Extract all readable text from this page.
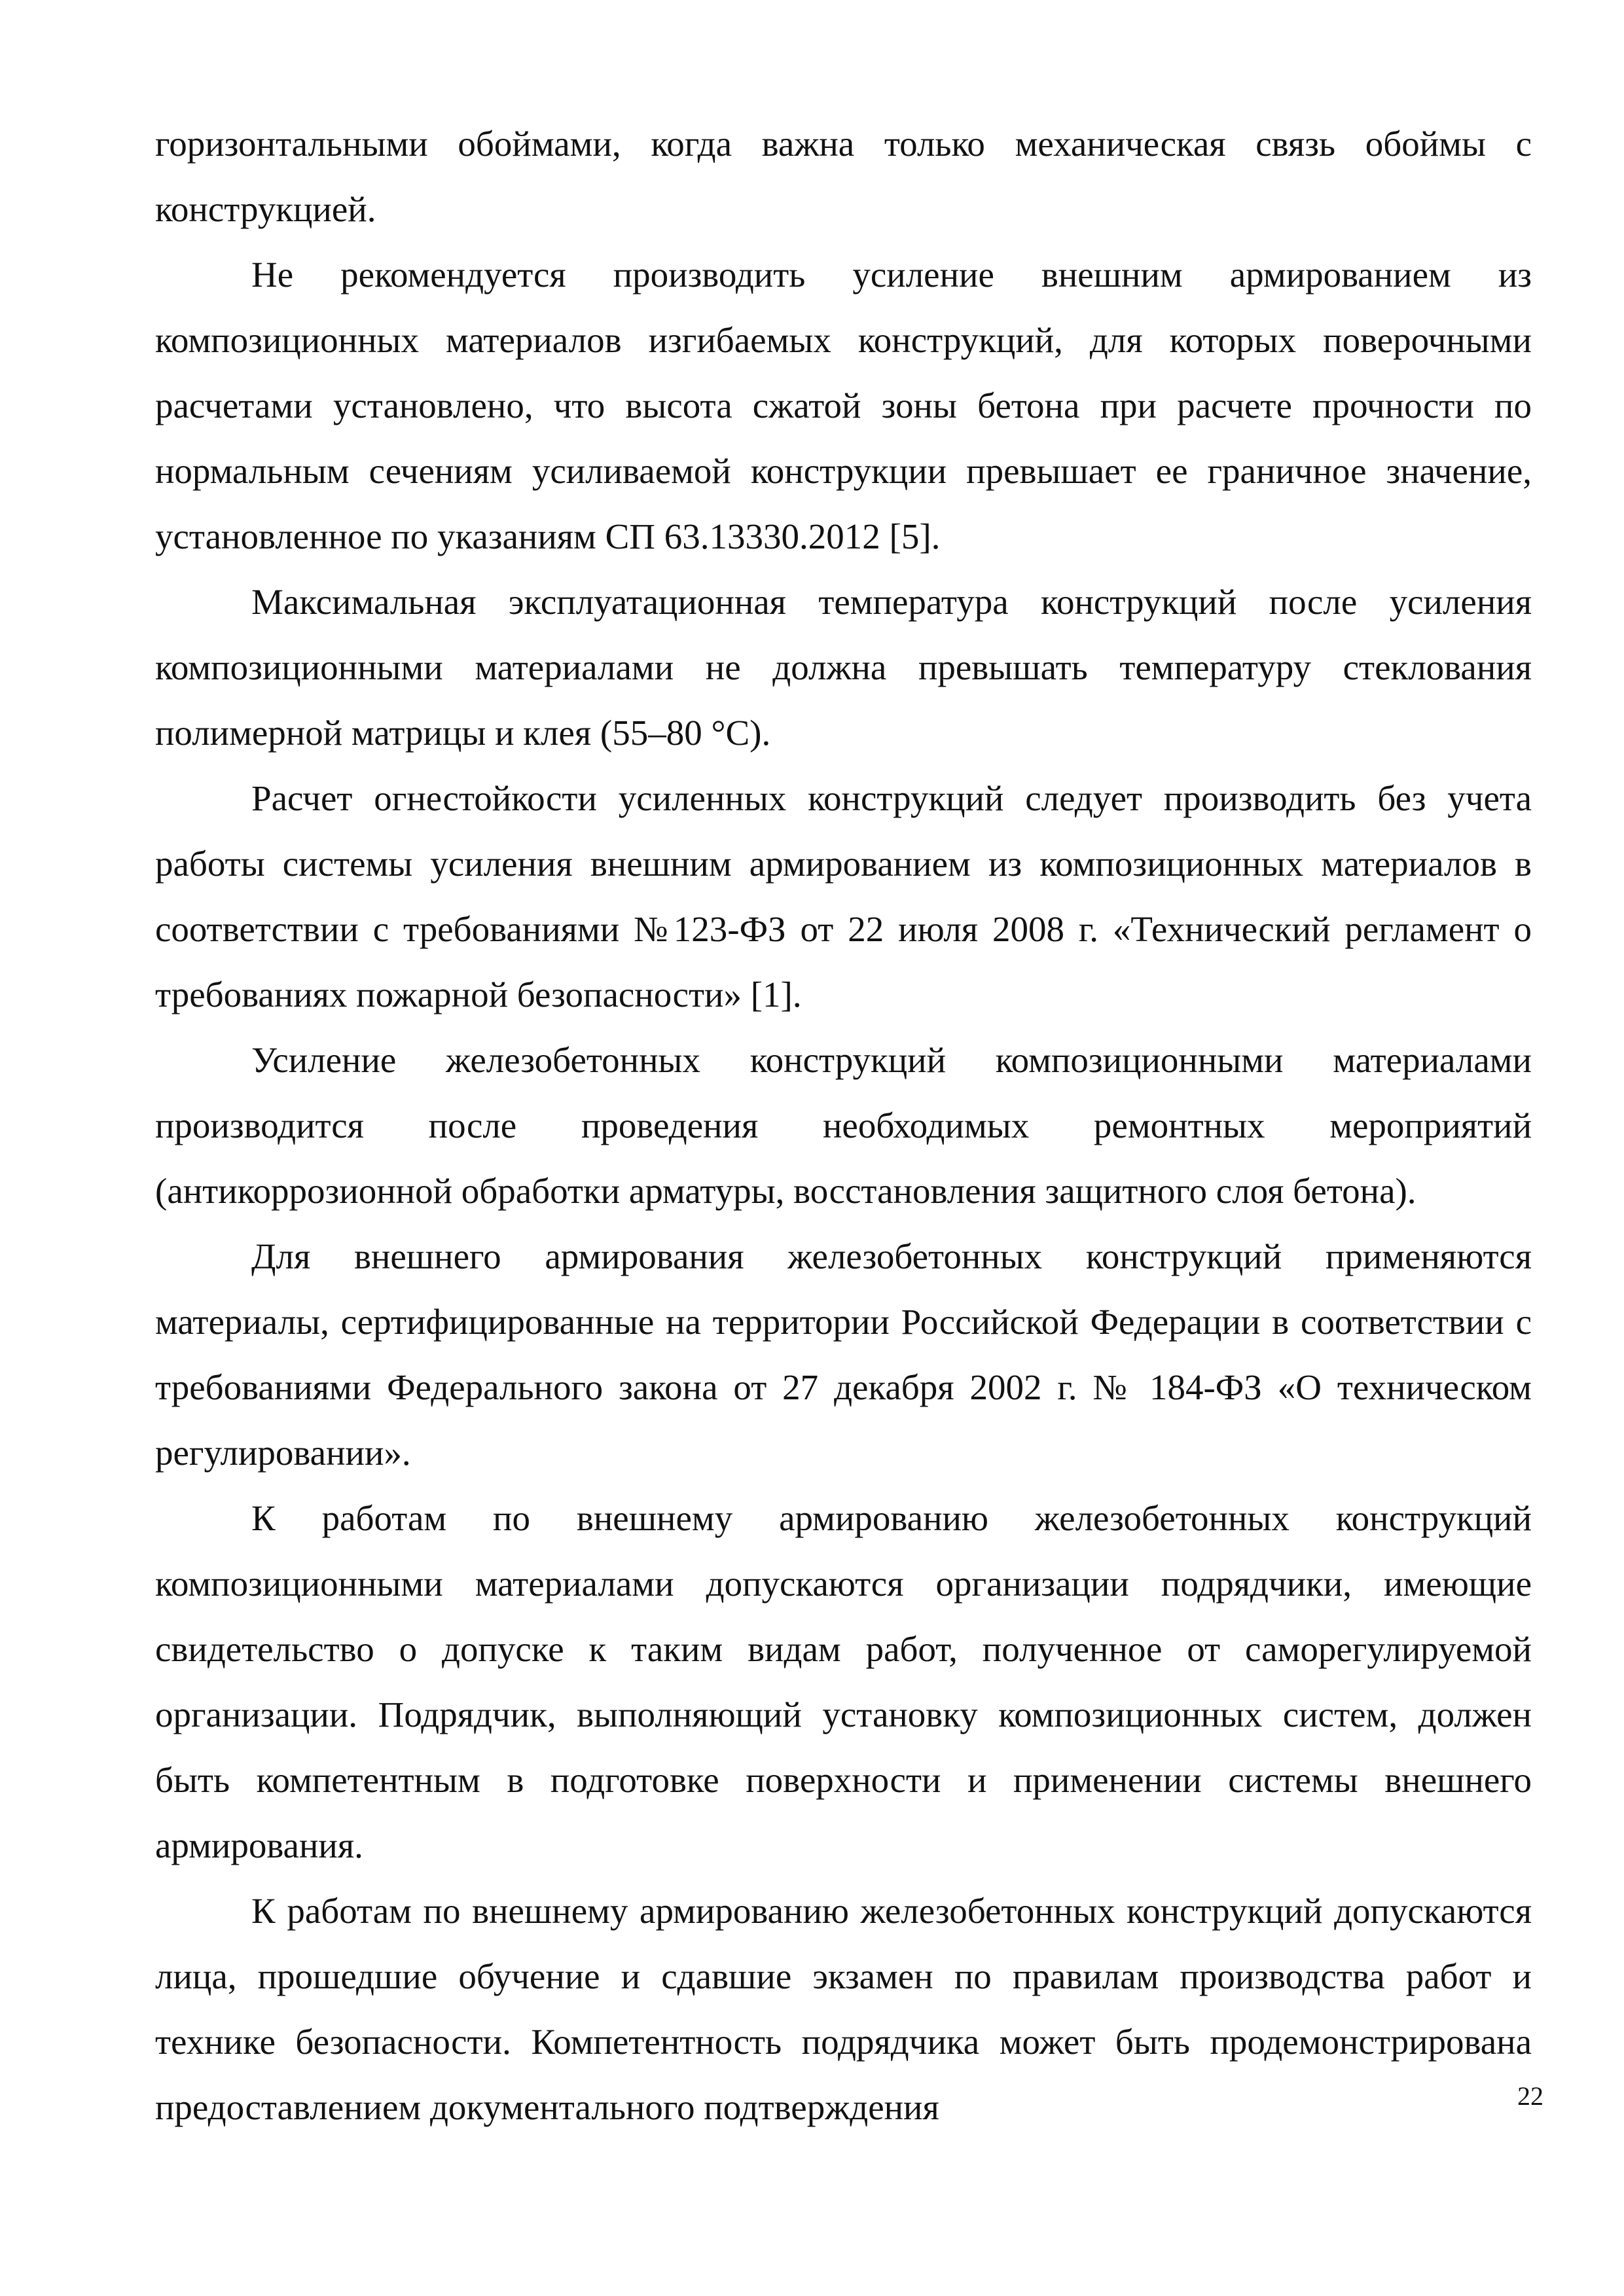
горизонтальными обоймами, когда важна только механическая связь обоймы с конструкцией.

Не рекомендуется производить усиление внешним армированием из композиционных материалов изгибаемых конструкций, для которых поверочными расчетами установлено, что высота сжатой зоны бетона при расчете прочности по нормальным сечениям усиливаемой конструкции превышает ее граничное значение, установленное по указаниям СП 63.13330.2012 [5].

Максимальная эксплуатационная температура конструкций после усиления композиционными материалами не должна превышать температуру стеклования полимерной матрицы и клея (55–80 °С).

Расчет огнестойкости усиленных конструкций следует производить без учета работы системы усиления внешним армированием из композиционных материалов в соответствии с требованиями №123-ФЗ от 22 июля 2008 г. «Технический регламент о требованиях пожарной безопасности» [1].

Усиление железобетонных конструкций композиционными материалами производится после проведения необходимых ремонтных мероприятий (антикоррозионной обработки арматуры, восстановления защитного слоя бетона).

Для внешнего армирования железобетонных конструкций применяются материалы, сертифицированные на территории Российской Федерации в соответствии с требованиями Федерального закона от 27 декабря 2002 г. № 184-ФЗ «О техническом регулировании».

К работам по внешнему армированию железобетонных конструкций композиционными материалами допускаются организации подрядчики, имеющие свидетельство о допуске к таким видам работ, полученное от саморегулируемой организации. Подрядчик, выполняющий установку композиционных систем, должен быть компетентным в подготовке поверхности и применении системы внешнего армирования.

К работам по внешнему армированию железобетонных конструкций допускаются лица, прошедшие обучение и сдавшие экзамен по правилам производства работ и технике безопасности. Компетентность подрядчика может быть продемонстрирована предоставлением документального подтверждения	22
